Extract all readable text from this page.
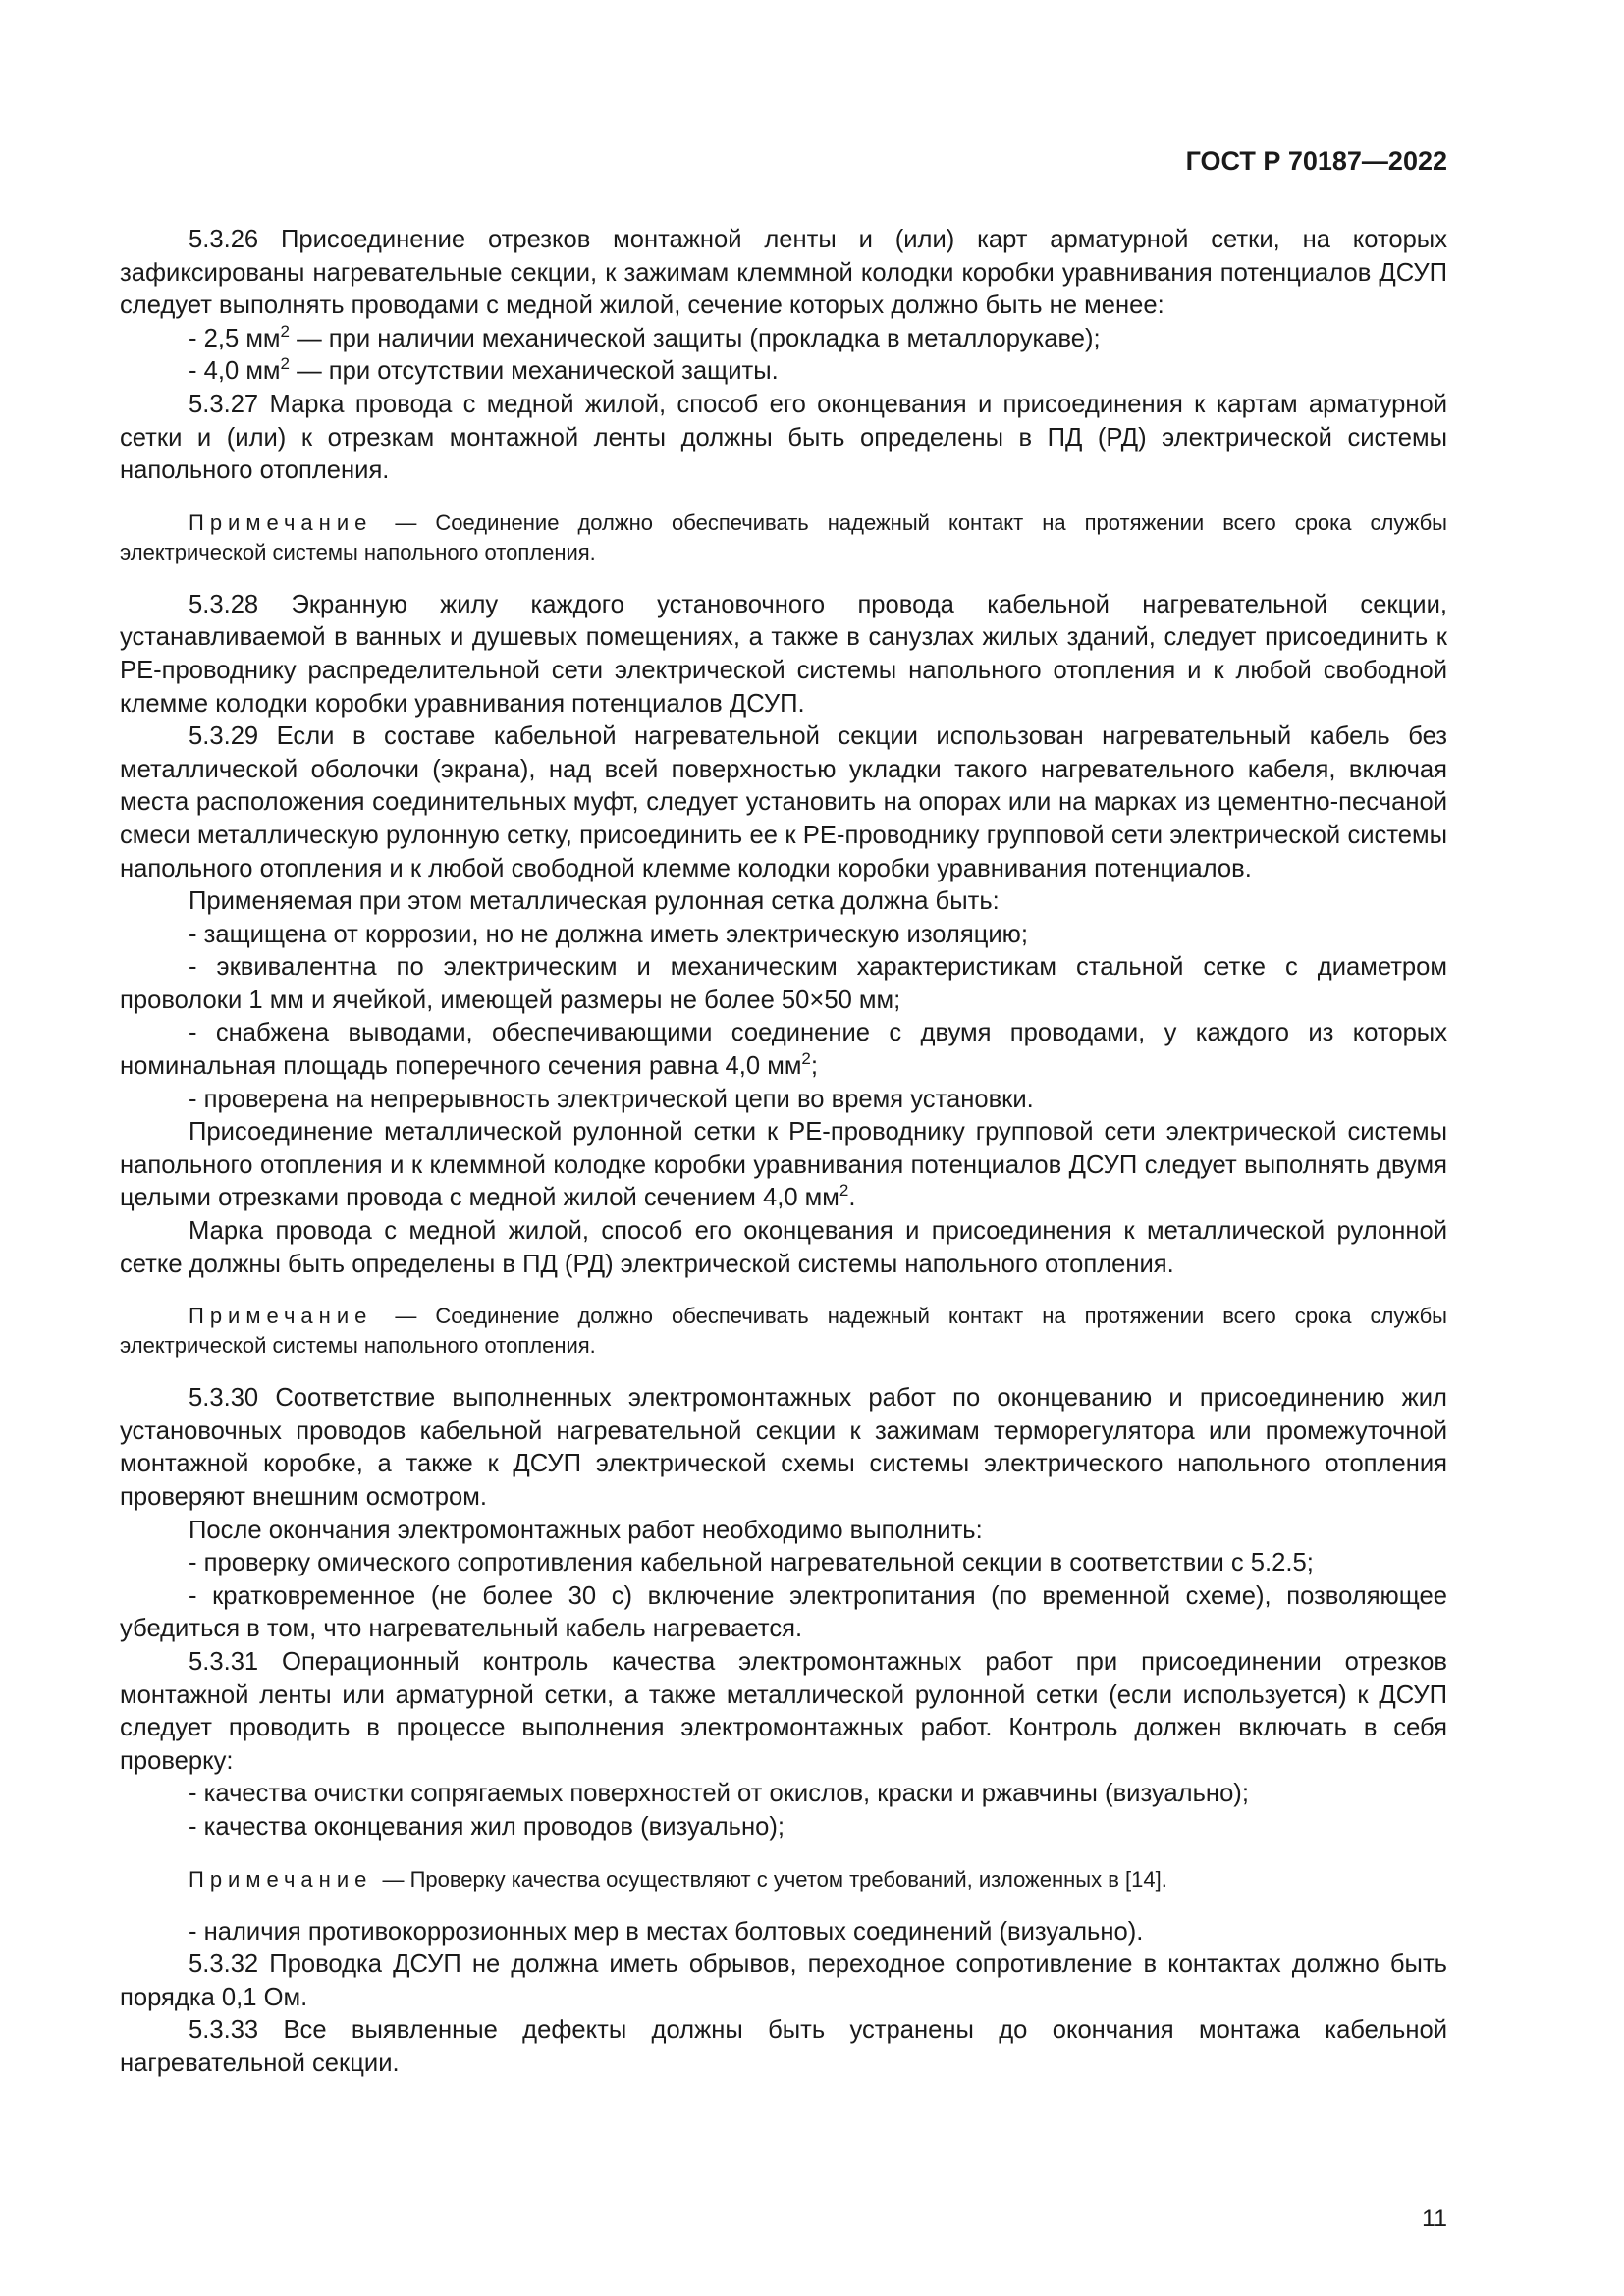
ГОСТ Р 70187—2022

5.3.26 Присоединение отрезков монтажной ленты и (или) карт арматурной сетки, на которых зафиксированы нагревательные секции, к зажимам клеммной колодки коробки уравнивания потенциалов ДСУП следует выполнять проводами с медной жилой, сечение которых должно быть не менее:

- 2,5 $мм^2$ — при наличии механической защиты (прокладка в металлорукаве);

- 4,0 $мм^2$ — при отсутствии механической защиты.

5.3.27 Марка провода с медной жилой, способ его оконцевания и присоединения к картам арматурной сетки и (или) к отрезкам монтажной ленты должны быть определены в ПД (РД) электрической системы напольного отопления.

Примечание — Соединение должно обеспечивать надежный контакт на протяжении всего срока службы электрической системы напольного отопления.

5.3.28 Экранную жилу каждого установочного провода кабельной нагревательной секции, устанавливаемой в ванных и душевых помещениях, а также в санузлах жилых зданий, следует присоединить к РЕ-проводнику распределительной сети электрической системы напольного отопления и к любой свободной клемме колодки коробки уравнивания потенциалов ДСУП.

5.3.29 Если в составе кабельной нагревательной секции использован нагревательный кабель без металлической оболочки (экрана), над всей поверхностью укладки такого нагревательного кабеля, включая места расположения соединительных муфт, следует установить на опорах или на марках из цементно-песчаной смеси металлическую рулонную сетку, присоединить ее к РЕ-проводнику групповой сети электрической системы напольного отопления и к любой свободной клемме колодки коробки уравнивания потенциалов.

Применяемая при этом металлическая рулонная сетка должна быть:

- защищена от коррозии, но не должна иметь электрическую изоляцию;

- эквивалентна по электрическим и механическим характеристикам стальной сетке с диаметром проволоки 1 мм и ячейкой, имеющей размеры не более 50×50 мм;

- снабжена выводами, обеспечивающими соединение с двумя проводами, у каждого из которых номинальная площадь поперечного сечения равна 4,0 $мм^2$;

- проверена на непрерывность электрической цепи во время установки.

Присоединение металлической рулонной сетки к РЕ-проводнику групповой сети электрической системы напольного отопления и к клеммной колодке коробки уравнивания потенциалов ДСУП следует выполнять двумя целыми отрезками провода с медной жилой сечением 4,0 $мм^2$.

Марка провода с медной жилой, способ его оконцевания и присоединения к металлической рулонной сетке должны быть определены в ПД (РД) электрической системы напольного отопления.

Примечание — Соединение должно обеспечивать надежный контакт на протяжении всего срока службы электрической системы напольного отопления.

5.3.30 Соответствие выполненных электромонтажных работ по оконцеванию и присоединению жил установочных проводов кабельной нагревательной секции к зажимам терморегулятора или промежуточной монтажной коробке, а также к ДСУП электрической схемы системы электрического напольного отопления проверяют внешним осмотром.

После окончания электромонтажных работ необходимо выполнить:

- проверку омического сопротивления кабельной нагревательной секции в соответствии с 5.2.5;

- кратковременное (не более 30 с) включение электропитания (по временной схеме), позволяющее убедиться в том, что нагревательный кабель нагревается.

5.3.31 Операционный контроль качества электромонтажных работ при присоединении отрезков монтажной ленты или арматурной сетки, а также металлической рулонной сетки (если используется) к ДСУП следует проводить в процессе выполнения электромонтажных работ. Контроль должен включать в себя проверку:

- качества очистки сопрягаемых поверхностей от окислов, краски и ржавчины (визуально);

- качества оконцевания жил проводов (визуально);

Примечание — Проверку качества осуществляют с учетом требований, изложенных в [14].

- наличия противокоррозионных мер в местах болтовых соединений (визуально).

5.3.32 Проводка ДСУП не должна иметь обрывов, переходное сопротивление в контактах должно быть порядка 0,1 Ом.

5.3.33 Все выявленные дефекты должны быть устранены до окончания монтажа кабельной нагревательной секции.

11
